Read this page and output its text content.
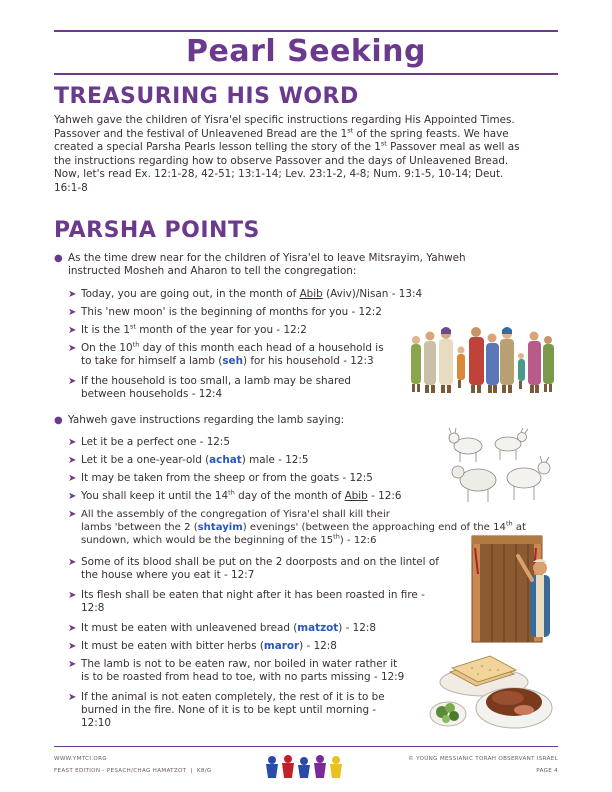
Pearl Seeking
TREASURING HIS WORD
Yahweh gave the children of Yisra'el specific instructions regarding His Appointed Times.
Passover and the festival of Unleavened Bread are the 1st of the spring feasts. We have
created a special Parsha Pearls lesson telling the story of the 1st Passover meal as well as
the instructions regarding how to observe Passover and the days of Unleavened Bread.
Now, let's read Ex. 12:1-28, 42-51; 13:1-14; Lev. 23:1-2, 4-8; Num. 9:1-5, 10-14; Deut.
16:1-8
PARSHA POINTS
● As the time drew near for the children of Yisra'el to leave Mitsrayim, Yahweh
instructed Mosheh and Aharon to tell the congregation:
➤ Today, you are going out, in the month of Abib (Aviv)/Nisan - 13:4
➤ This 'new moon' is the beginning of months for you - 12:2
➤ It is the 1st month of the year for you - 12:2
➤ On the 10th day of this month each head of a household is
to take for himself a lamb (seh) for his household - 12:3
➤ If the household is too small, a lamb may be shared
between households - 12:4
● Yahweh gave instructions regarding the lamb saying:
➤ Let it be a perfect one - 12:5
➤ Let it be a one-year-old (achat) male - 12:5
➤ It may be taken from the sheep or from the goats - 12:5
➤ You shall keep it until the 14th day of the month of Abib - 12:6
➤ All the assembly of the congregation of Yisra'el shall kill their
lambs 'between the 2 (shtayim) evenings' (between the approaching end of the 14th at
sundown, which would be the beginning of the 15th) - 12:6
➤ Some of its blood shall be put on the 2 doorposts and on the lintel of
the house where you eat it - 12:7
➤ Its flesh shall be eaten that night after it has been roasted in fire -
12:8
➤ It must be eaten with unleavened bread (matzot) - 12:8
➤ It must be eaten with bitter herbs (maror) - 12:8
➤ The lamb is not to be eaten raw, nor boiled in water rather it
is to be roasted from head to toe, with no parts missing - 12:9
➤ If the animal is not eaten completely, the rest of it is to be
burned in the fire. None of it is to be kept until morning -
12:10
WWW.YMTCI.ORG
FEAST EDITION - PESACH/CHAG HAMATZOT  |  K8/G
© YOUNG MESSIANIC TORAH OBSERVANT ISRAEL
PAGE 4
